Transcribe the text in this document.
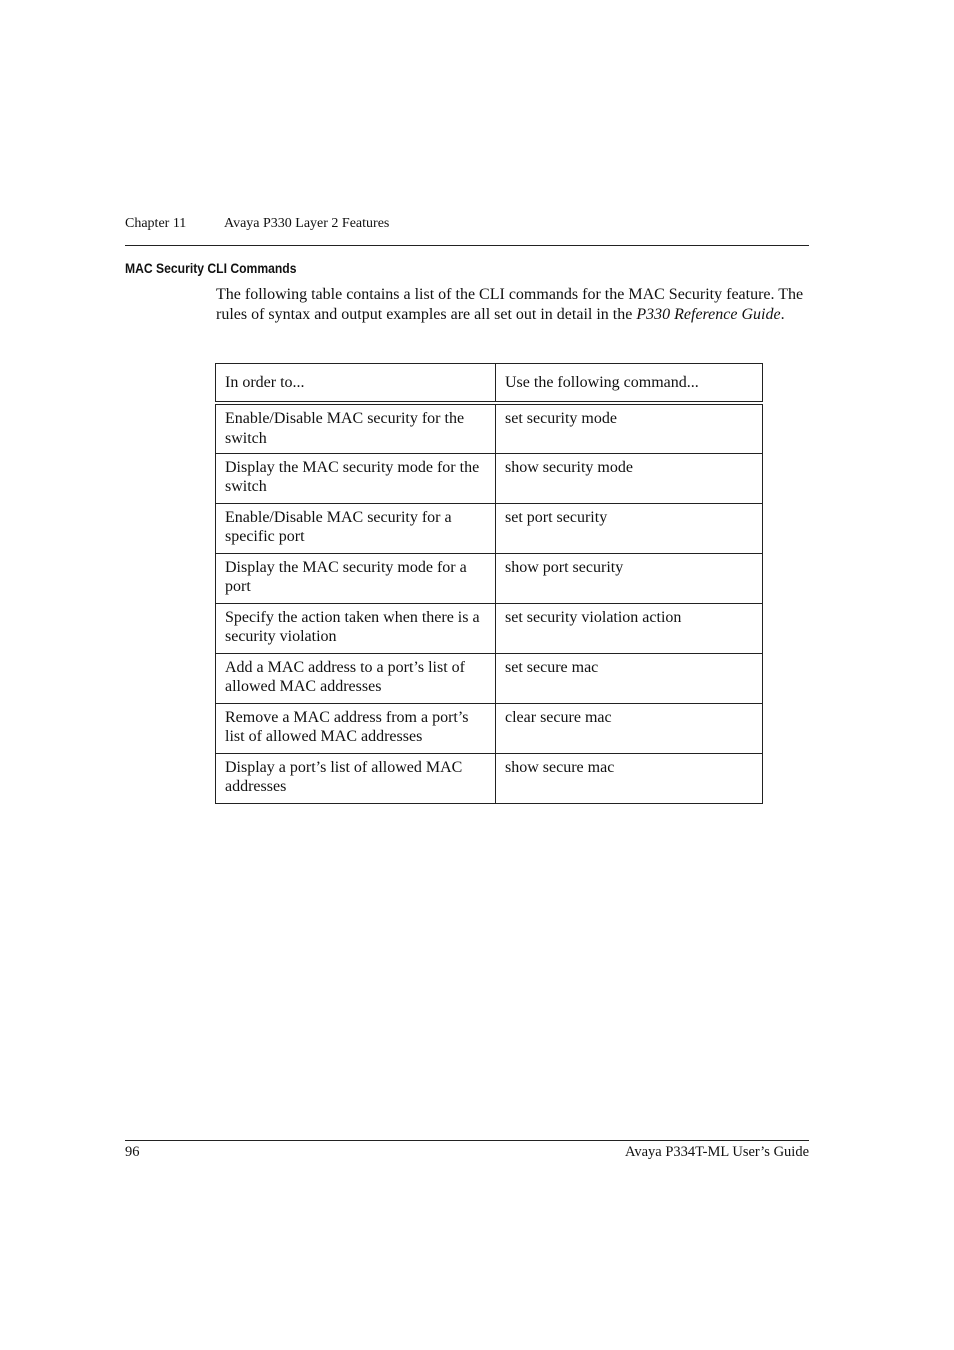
Chapter 11	Avaya P330 Layer 2 Features
MAC Security CLI Commands

The following table contains a list of the CLI commands for the MAC Security feature. The rules of syntax and output examples are all set out in detail in the P330 Reference Guide.

In order to...	Use the following command...
Enable/Disable MAC security for the switch	set security mode
Display the MAC security mode for the switch	show security mode
Enable/Disable MAC security for a specific port	set port security
Display the MAC security mode for a port	show port security
Specify the action taken when there is a security violation	set security violation action
Add a MAC address to a port’s list of allowed MAC addresses	set secure mac
Remove a MAC address from a port’s list of allowed MAC addresses	clear secure mac
Display a port’s list of allowed MAC addresses	show secure mac
96	Avaya P334T-ML User’s Guide
